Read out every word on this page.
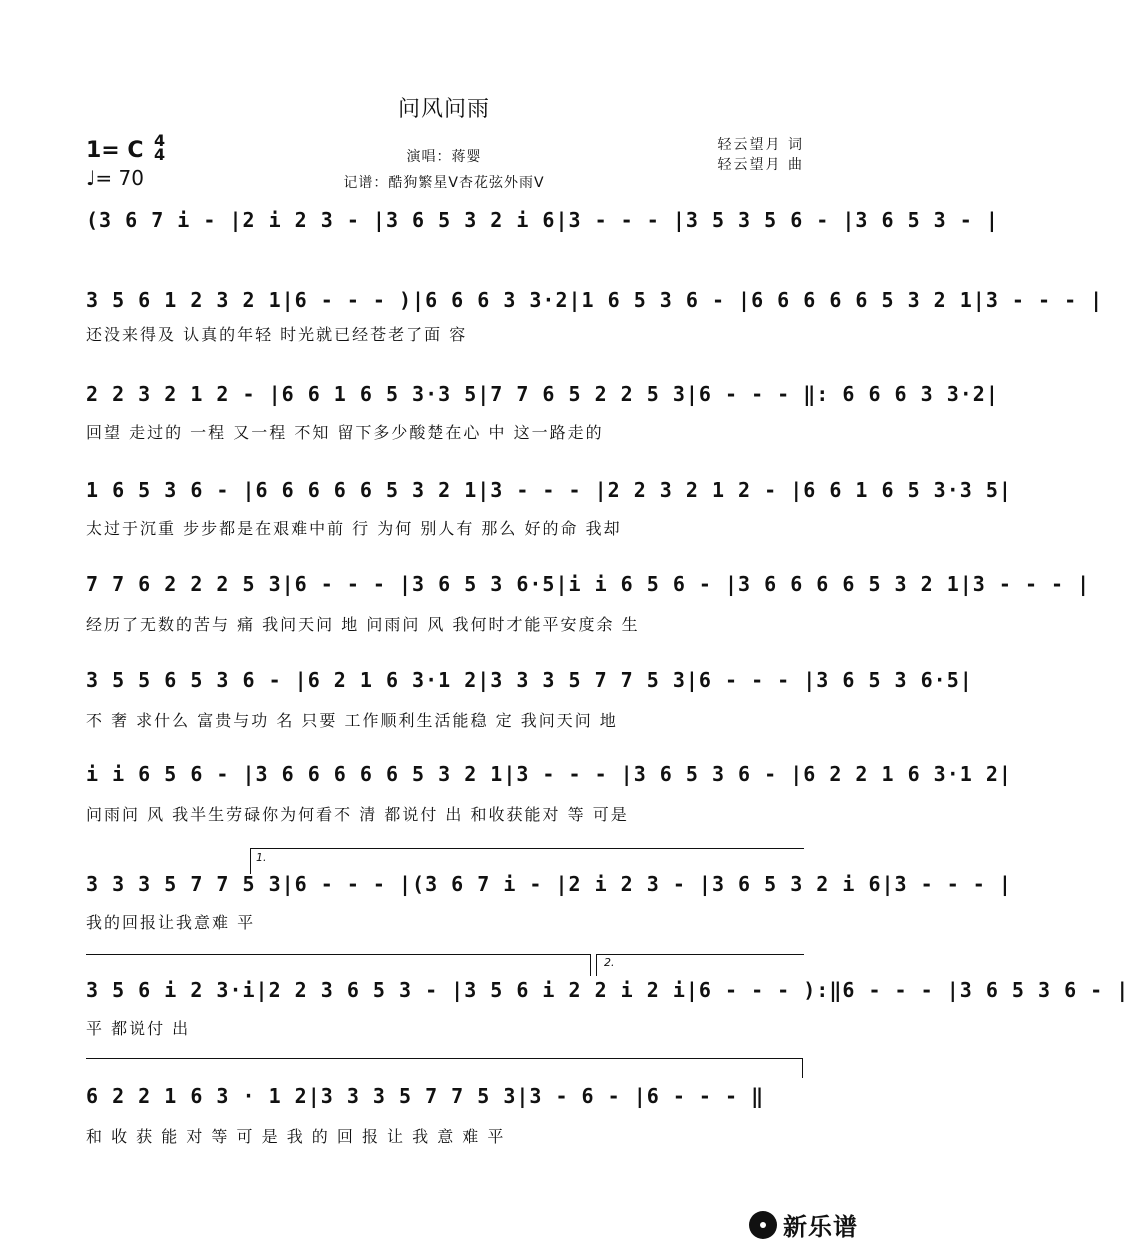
问风问雨
1= C 4
4
♩= 70
演唱：蒋婴
记谱：酷狗繁星V杏花弦外雨V
轻云望月 词
轻云望月 曲
(3 6 7 i - |2 i 2 3 - |3 6 5 3 2 i 6|3 - - - |3 5 3 5 6 - |3 6 5 3 - |
3 5 6 1 2 3 2 1|6 - - - )|6 6 6 3 3·2|1 6 5 3 6 - |6 6 6 6 6 5 3 2 1|3 - - - |
还没来得及 认真的年轻 时光就已经苍老了面 容
2 2 3 2 1 2 - |6 6 1 6 5 3·3 5|7 7 6 5 2 2 5 3|6 - - - ‖: 6 6 6 3 3·2|
回望 走过的 一程 又一程 不知 留下多少酸楚在心 中 这一路走的
1 6 5 3 6 - |6 6 6 6 6 5 3 2 1|3 - - - |2 2 3 2 1 2 - |6 6 1 6 5 3·3 5|
太过于沉重 步步都是在艰难中前 行 为何 别人有 那么 好的命 我却
7 7 6 2 2 2 5 3|6 - - - |3 6 5 3 6·5|i i 6 5 6 - |3 6 6 6 6 5 3 2 1|3 - - - |
经历了无数的苦与 痛 我问天问 地 问雨问 风 我何时才能平安度余 生
3 5 5 6 5 3 6 - |6 2 1 6 3·1 2|3 3 3 5 7 7 5 3|6 - - - |3 6 5 3 6·5|
不 奢 求什么 富贵与功 名 只要 工作顺利生活能稳 定 我问天问 地
i i 6 5 6 - |3 6 6 6 6 6 5 3 2 1|3 - - - |3 6 5 3 6 - |6 2 2 1 6 3·1 2|
问雨问 风 我半生劳碌你为何看不 清 都说付 出 和收获能对 等 可是
1.
3 3 3 5 7 7 5 3|6 - - - |(3 6 7 i - |2 i 2 3 - |3 6 5 3 2 i 6|3 - - - |
我的回报让我意难 平
2.
3 5 6 i 2 3·i|2 2 3 6 5 3 - |3 5 6 i 2 2 i 2 i|6 - - - ):‖6 - - - |3 6 5 3 6 - |
平 都说付 出
6 2 2 1 6 3 · 1 2|3 3 3 5 7 7 5 3|3 - 6 - |6 - - - ‖
和 收 获 能 对 等 可 是 我 的 回 报 让 我 意 难 平
新乐谱
